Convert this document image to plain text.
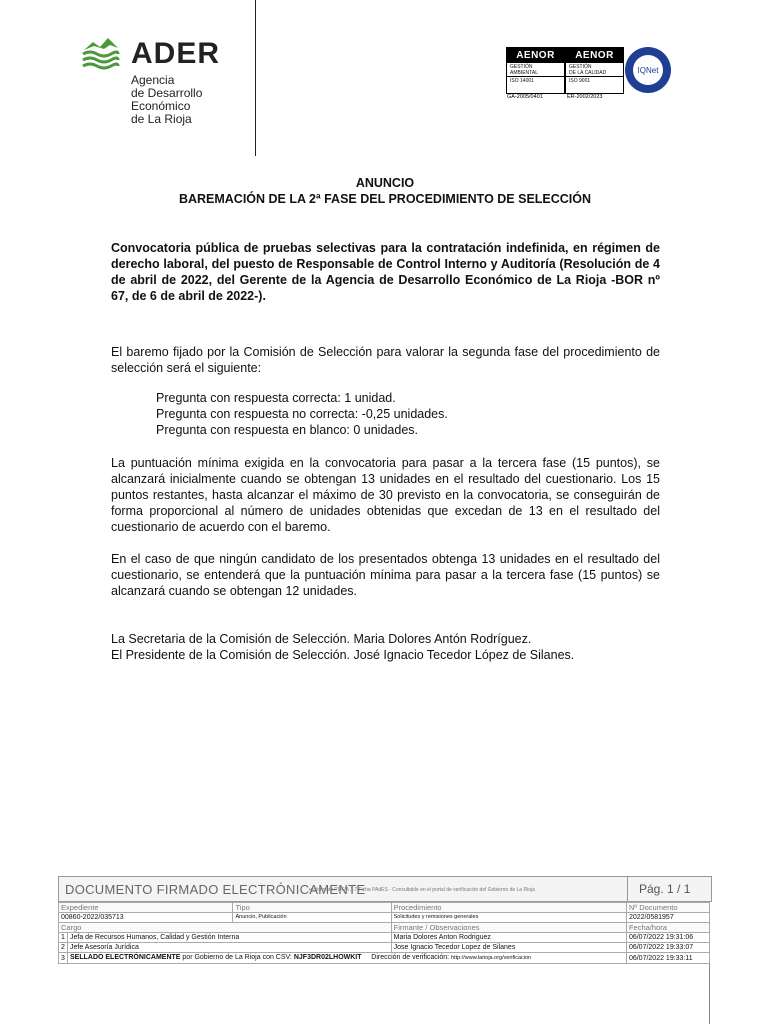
ADER
Agencia
de Desarrollo
Económico
de La Rioja
AENOR
GESTIÓN
AMBIENTAL
ISO 14001
GA-2005/0401
AENOR
GESTIÓN
DE LA CALIDAD
ISO 9001
ER-2002/2023
IQNet
ANUNCIO
BAREMACIÓN DE LA 2ª FASE DEL PROCEDIMIENTO DE SELECCIÓN
Convocatoria pública de pruebas selectivas para la contratación indefinida, en régimen de derecho laboral, del puesto de Responsable de Control Interno y Auditoría (Resolución de 4 de abril de 2022, del Gerente de la Agencia de Desarrollo Económico de La Rioja -BOR nº 67, de 6 de abril de 2022-).
El baremo fijado por la Comisión de Selección para valorar la segunda fase del procedimiento de selección será el siguiente:
Pregunta con respuesta correcta: 1 unidad.
Pregunta con respuesta no correcta: -0,25 unidades.
Pregunta con respuesta en blanco: 0 unidades.
La puntuación mínima exigida en la convocatoria para pasar a la tercera fase (15 puntos), se alcanzará inicialmente cuando se obtengan 13 unidades en el resultado del cuestionario. Los 15 puntos restantes, hasta alcanzar el máximo de 30 previsto en la convocatoria, se conseguirán de forma proporcional al número de unidades obtenidas que excedan de 13 en el resultado del cuestionario de acuerdo con el baremo.
En el caso de que ningún candidato de los presentados obtenga 13 unidades en el resultado del cuestionario, se entenderá que la puntuación mínima para pasar a la tercera fase (15 puntos) se alcanzará cuando se obtengan 12 unidades.
La Secretaria de la Comisión de Selección. Maria Dolores Antón Rodríguez.
El Presidente de la Comisión de Selección. José Ignacio Tecedor López de Silanes.
DOCUMENTO FIRMADO ELECTRÓNICAMENTE
en formato PDF/A 1.7 Ficha PAdES · Consultable en el portal de verificación del Gobierno de La Rioja	Pág. 1 / 1
Expediente		Tipo	Procedimiento	Nº Documento
00860-2022/035713		Anuncio, Publicación	Solicitudes y remisiones generales	2022/0581957
Cargo			Firmante / Observaciones	Fecha/hora
1	Jefa de Recursos Humanos, Calidad y Gestión Interna		Maria Dolores Anton Rodriguez	06/07/2022 19:31:06
2	Jefe Asesoría Jurídica		Jose Ignacio Tecedor Lopez de Silanes	06/07/2022 19:33:07
3	SELLADO ELECTRÓNICAMENTE por Gobierno de La Rioja con CSV: NJF3DR02LHOWKIT Dirección de verificación: http://www.larioja.org/verificacion			06/07/2022 19:33:11
